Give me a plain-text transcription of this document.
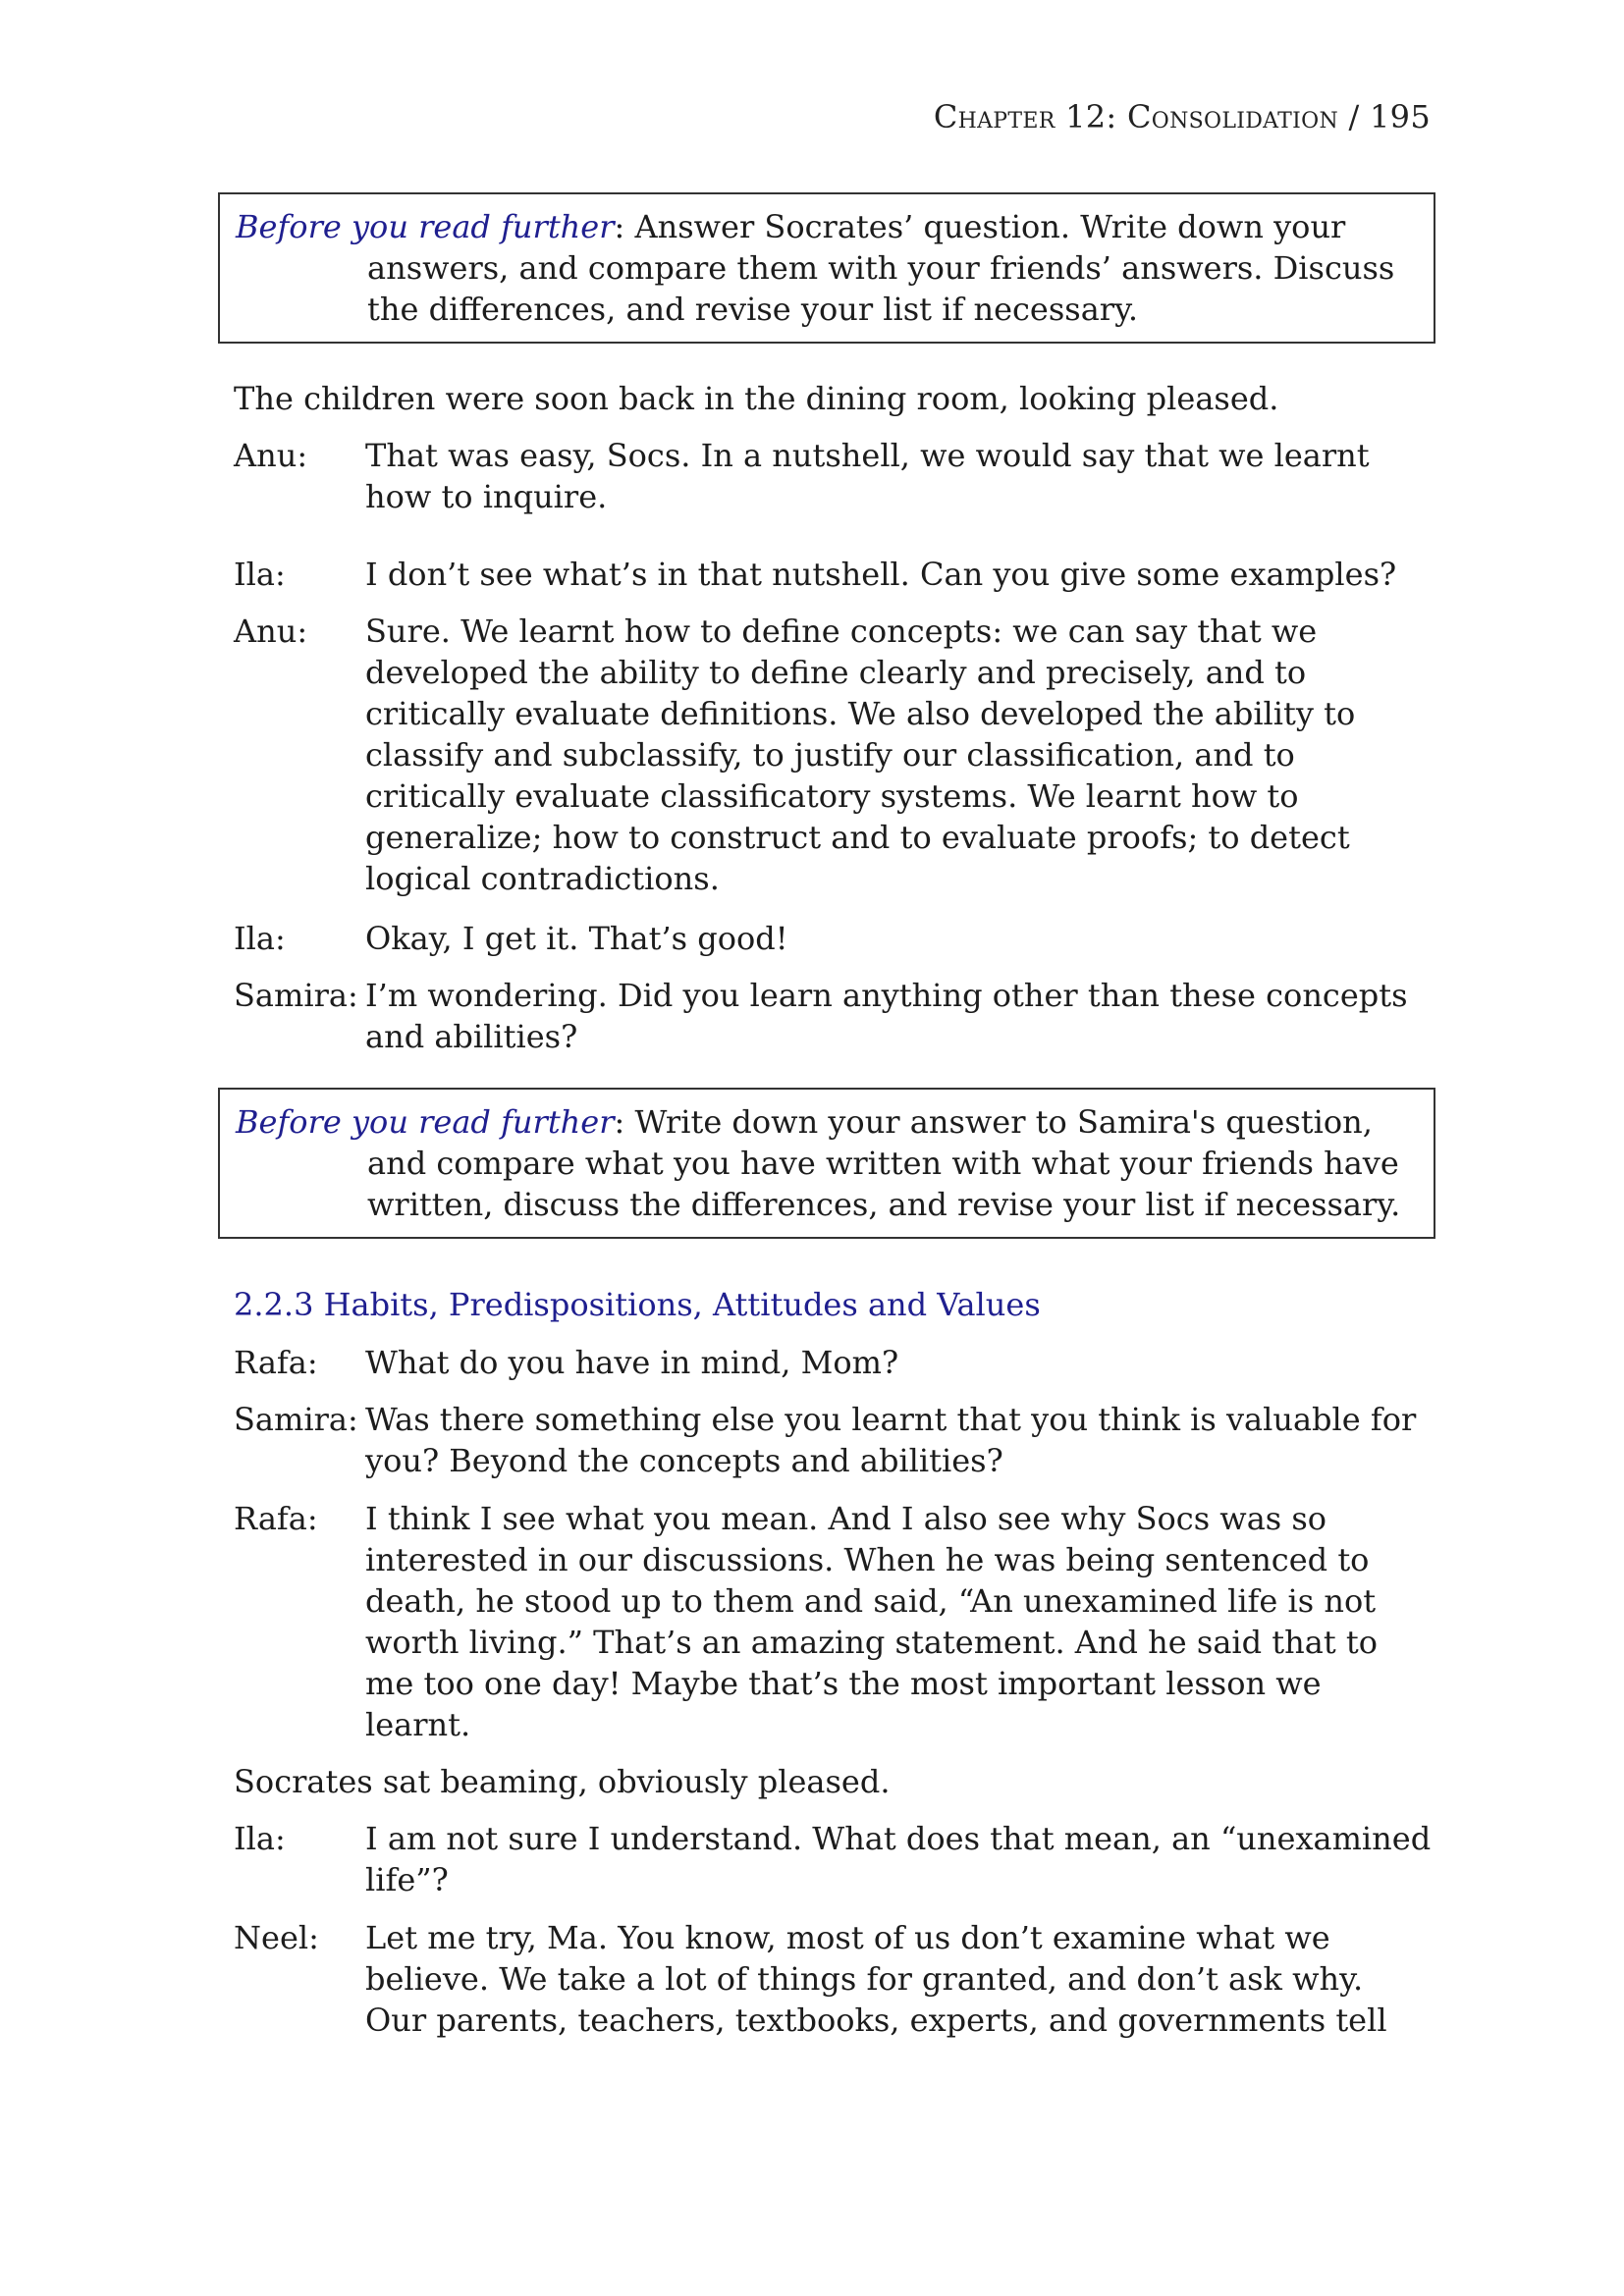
Chapter 12: Consolidation / 195

Before you read further: Answer Socrates’ question. Write down your answers, and compare them with your friends’ answers. Discuss the differences, and revise your list if necessary.

The children were soon back in the dining room, looking pleased.

Anu:	That was easy, Socs. In a nutshell, we would say that we learnt how to inquire.
Ila:	I don’t see what’s in that nutshell. Can you give some examples?
Anu:	Sure. We learnt how to define concepts: we can say that we developed the ability to define clearly and precisely, and to critically evaluate definitions. We also developed the ability to classify and subclassify, to justify our classification, and to critically evaluate classificatory systems. We learnt how to generalize; how to construct and to evaluate proofs; to detect logical contradictions.
Ila:	Okay, I get it. That’s good!
Samira: I’m wondering. Did you learn anything other than these concepts and abilities?

Before you read further: Write down your answer to Samira's question, and compare what you have written with what your friends have written, discuss the differences, and revise your list if necessary.

2.2.3 Habits, Predispositions, Attitudes and Values
Rafa:	What do you have in mind, Mom?
Samira: Was there something else you learnt that you think is valuable for you? Beyond the concepts and abilities?
Rafa:	I think I see what you mean. And I also see why Socs was so interested in our discussions. When he was being sentenced to death, he stood up to them and said, “An unexamined life is not worth living.” That’s an amazing statement. And he said that to me too one day! Maybe that’s the most important lesson we learnt.

Socrates sat beaming, obviously pleased.

Ila:	I am not sure I understand. What does that mean, an “unexamined life”?
Neel:	Let me try, Ma. You know, most of us don’t examine what we believe. We take a lot of things for granted, and don’t ask why. Our parents, teachers, textbooks, experts, and governments tell
